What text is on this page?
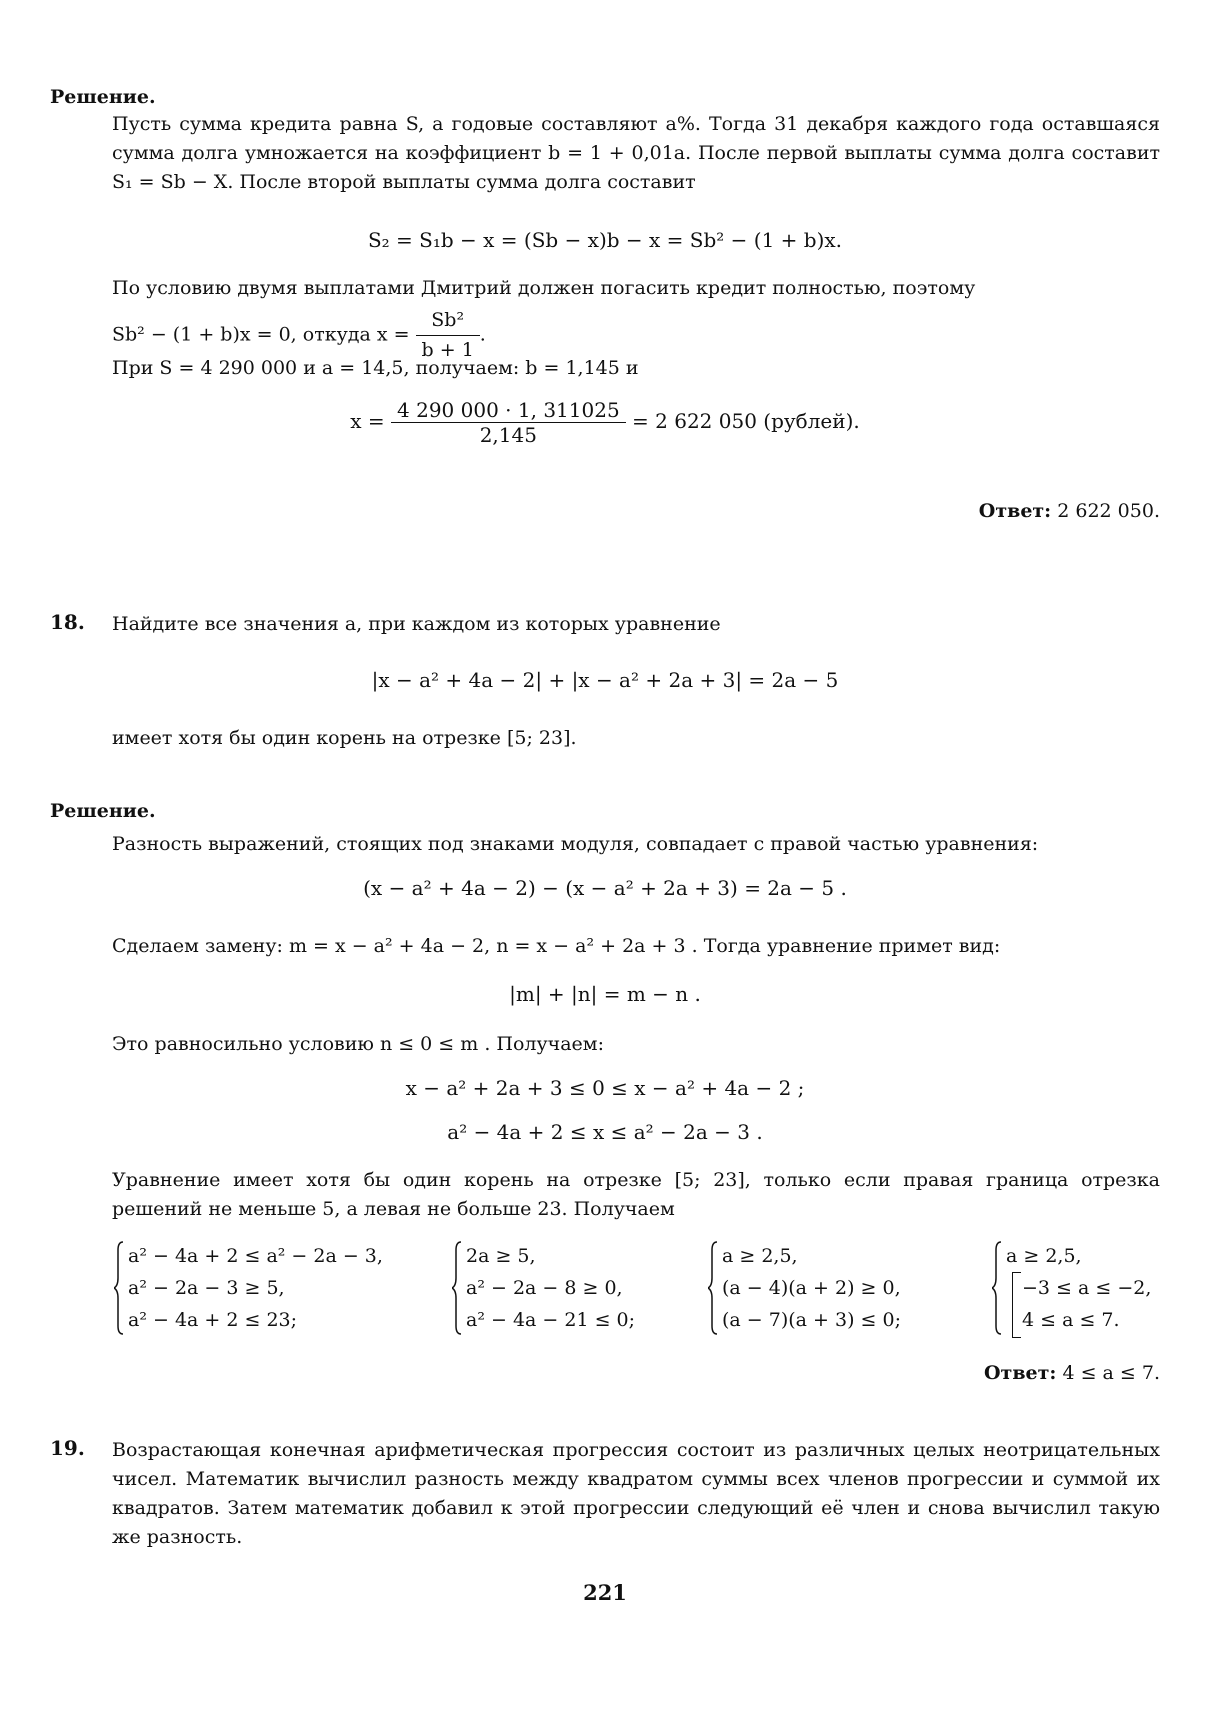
Решение.
Пусть сумма кредита равна S, а годовые составляют a%. Тогда 31 декабря каждого года оставшаяся сумма долга умножается на коэффициент b = 1 + 0,01a. После первой выплаты сумма долга составит S₁ = Sb − X. После второй выплаты сумма долга составит
S₂ = S₁b − x = (Sb − x)b − x = Sb² − (1 + b)x.
По условию двумя выплатами Дмитрий должен погасить кредит полностью, поэтому
Sb² − (1 + b)x = 0, откуда $x = \frac{\text{Sb²}}{b + 1}$ .
При S = 4 290 000 и a = 14,5, получаем: b = 1,145 и
$x = \frac{4 290 000 \cdot 1, 311025}{2,145} = 2$ 622 050 (рублей).
Ответ: 2 622 050.
18. Найдите все значения a, при каждом из которых уравнение
|x − a² + 4a − 2| + |x − a² + 2a + 3| = 2a − 5
имеет хотя бы один корень на отрезке [5; 23].
Решение.
Разность выражений, стоящих под знаками модуля, совпадает с правой частью уравнения:
(x − a² + 4a − 2) − (x − a² + 2a + 3) = 2a − 5 .
Сделаем замену: m = x − a² + 4a − 2, n = x − a² + 2a + 3 . Тогда уравнение примет вид:
|m| + |n| = m − n .
Это равносильно условию n ≤ 0 ≤ m . Получаем:
x − a² + 2a + 3 ≤ 0 ≤ x − a² + 4a − 2 ;
a² − 4a + 2 ≤ x ≤ a² − 2a − 3 .
Уравнение имеет хотя бы один корень на отрезке [5; 23], только если правая граница отрезка решений не меньше 5, а левая не больше 23. Получаем
a² − 4a + 2 ≤ a² − 2a − 3,
a² − 2a − 3 ≥ 5,
a² − 4a + 2 ≤ 23;
2a ≥ 5,
a² − 2a − 8 ≥ 0,
a² − 4a − 21 ≤ 0;
a ≥ 2,5,
(a − 4)(a + 2) ≥ 0,
(a − 7)(a + 3) ≤ 0;
a ≥ 2,5,
−3 ≤ a ≤ −2,
4 ≤ a ≤ 7.
Ответ: 4 ≤ a ≤ 7.
19. Возрастающая конечная арифметическая прогрессия состоит из различных целых неотрицательных чисел. Математик вычислил разность между квадратом суммы всех членов прогрессии и суммой их квадратов. Затем математик добавил к этой прогрессии следующий её член и снова вычислил такую же разность.
221
